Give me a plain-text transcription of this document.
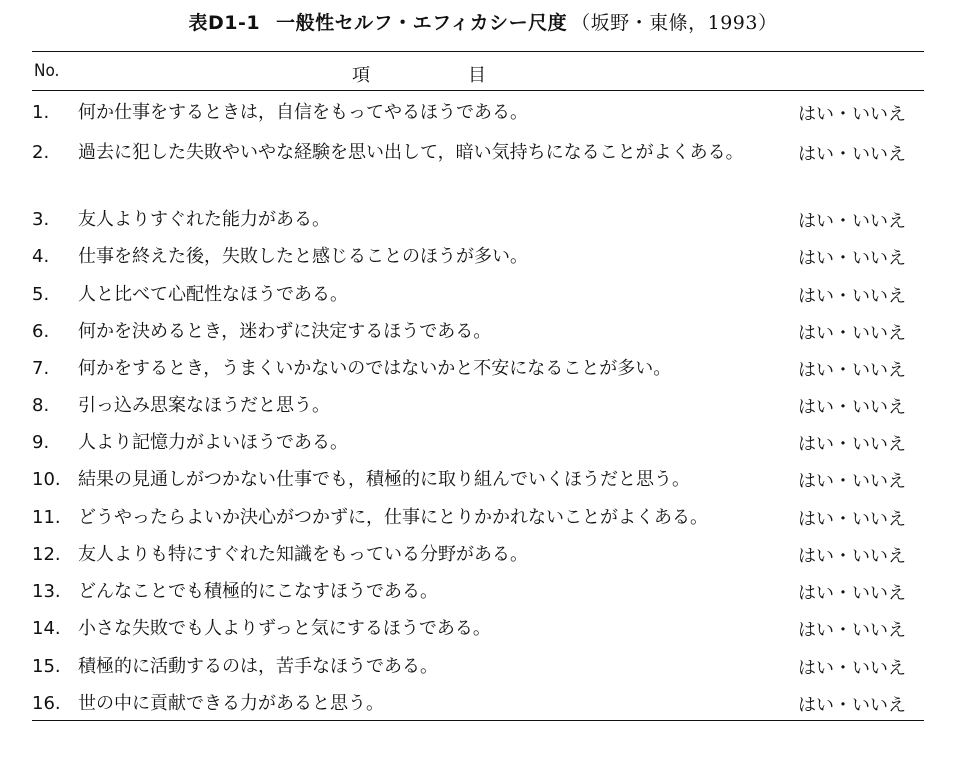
表D1-1 一般性セルフ・エフィカシー尺度 （坂野・東條，1993）
No.	項目
1.	何か仕事をするときは，自信をもってやるほうである。	はい・いいえ
2.	過去に犯した失敗やいやな経験を思い出して，暗い気持ちになることがよくある。	はい・いいえ
3.	友人よりすぐれた能力がある。	はい・いいえ
4.	仕事を終えた後，失敗したと感じることのほうが多い。	はい・いいえ
5.	人と比べて心配性なほうである。	はい・いいえ
6.	何かを決めるとき，迷わずに決定するほうである。	はい・いいえ
7.	何かをするとき，うまくいかないのではないかと不安になることが多い。	はい・いいえ
8.	引っ込み思案なほうだと思う。	はい・いいえ
9.	人より記憶力がよいほうである。	はい・いいえ
10. 結果の見通しがつかない仕事でも，積極的に取り組んでいくほうだと思う。	はい・いいえ
11. どうやったらよいか決心がつかずに，仕事にとりかかれないことがよくある。	はい・いいえ
12. 友人よりも特にすぐれた知識をもっている分野がある。	はい・いいえ
13. どんなことでも積極的にこなすほうである。	はい・いいえ
14. 小さな失敗でも人よりずっと気にするほうである。	はい・いいえ
15. 積極的に活動するのは，苦手なほうである。	はい・いいえ
16. 世の中に貢献できる力があると思う。	はい・いいえ
